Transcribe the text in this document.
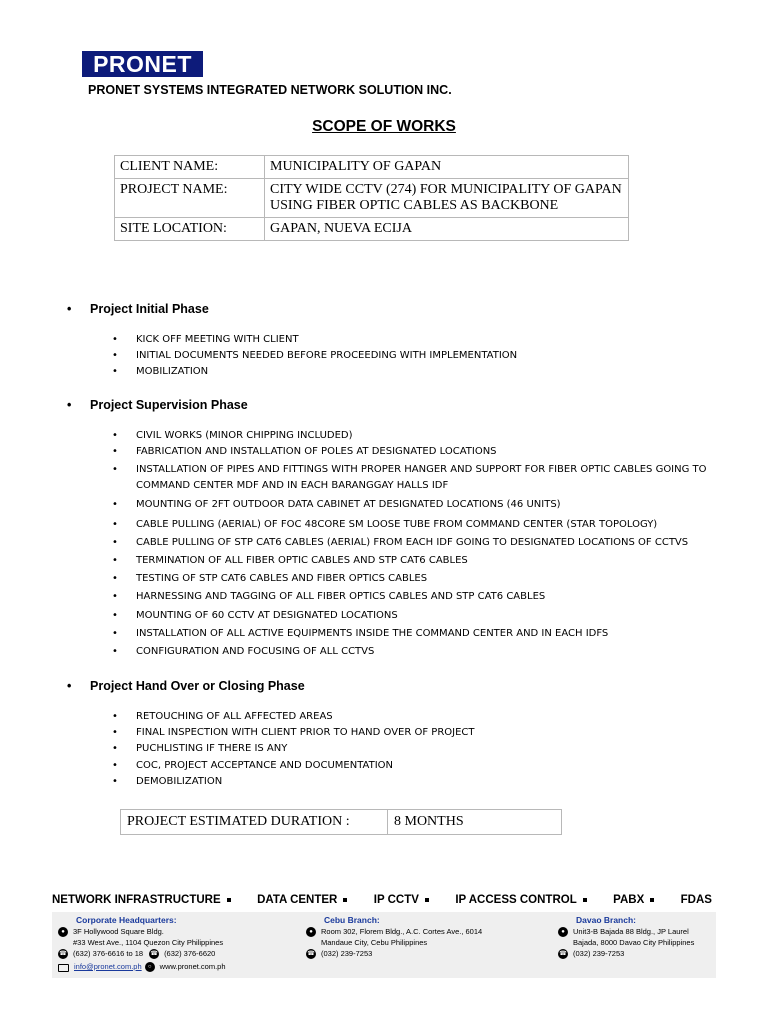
PRONET
PRONET SYSTEMS INTEGRATED NETWORK SOLUTION INC.
SCOPE OF WORKS
CLIENT NAME:	MUNICIPALITY OF GAPAN
PROJECT NAME:	CITY WIDE CCTV (274) FOR MUNICIPALITY OF GAPAN USING FIBER OPTIC CABLES AS BACKBONE
SITE LOCATION:	GAPAN, NUEVA ECIJA
• Project Initial Phase
• KICK OFF MEETING WITH CLIENT
• INITIAL DOCUMENTS NEEDED BEFORE PROCEEDING WITH IMPLEMENTATION
• MOBILIZATION
• Project Supervision Phase
• CIVIL WORKS (MINOR CHIPPING INCLUDED)
• FABRICATION AND INSTALLATION OF POLES AT DESIGNATED LOCATIONS
• INSTALLATION OF PIPES AND FITTINGS WITH PROPER HANGER AND SUPPORT FOR FIBER OPTIC CABLES GOING TO COMMAND CENTER MDF AND IN EACH BARANGGAY HALLS IDF
• MOUNTING OF 2FT OUTDOOR DATA CABINET AT DESIGNATED LOCATIONS (46 UNITS)
• CABLE PULLING (AERIAL) OF FOC 48CORE SM LOOSE TUBE FROM COMMAND CENTER (STAR TOPOLOGY)
• CABLE PULLING OF STP CAT6 CABLES (AERIAL) FROM EACH IDF GOING TO DESIGNATED LOCATIONS OF CCTVS
• TERMINATION OF ALL FIBER OPTIC CABLES AND STP CAT6 CABLES
• TESTING OF STP CAT6 CABLES AND FIBER OPTICS CABLES
• HARNESSING AND TAGGING OF ALL FIBER OPTICS CABLES AND STP CAT6 CABLES
• MOUNTING OF 60 CCTV AT DESIGNATED LOCATIONS
• INSTALLATION OF ALL ACTIVE EQUIPMENTS INSIDE THE COMMAND CENTER AND IN EACH IDFS
• CONFIGURATION AND FOCUSING OF ALL CCTVS
• Project Hand Over or Closing Phase
• RETOUCHING OF ALL AFFECTED AREAS
• FINAL INSPECTION WITH CLIENT PRIOR TO HAND OVER OF PROJECT
• PUCHLISTING IF THERE IS ANY
• COC, PROJECT ACCEPTANCE AND DOCUMENTATION
• DEMOBILIZATION
PROJECT ESTIMATED DURATION :	8 MONTHS
NETWORK INFRASTRUCTURE	DATA CENTER	IP CCTV	IP ACCESS CONTROL	PABX	FDAS
Corporate Headquarters:
●	3F Hollywood Square Bldg.
#33 West Ave., 1104 Quezon City Philippines
☎ (632) 376-6616 to 18 ☎ (632) 376-6620
info@pronet.com.ph	○	www.pronet.com.ph
Cebu Branch:
●	Room 302, Florem Bldg., A.C. Cortes Ave., 6014
Mandaue City, Cebu Philippines
☎ (032) 239-7253
Davao Branch:
●	Unit3-B Bajada 88 Bldg., JP Laurel
Bajada, 8000 Davao City Philippines
☎ (032) 239-7253
